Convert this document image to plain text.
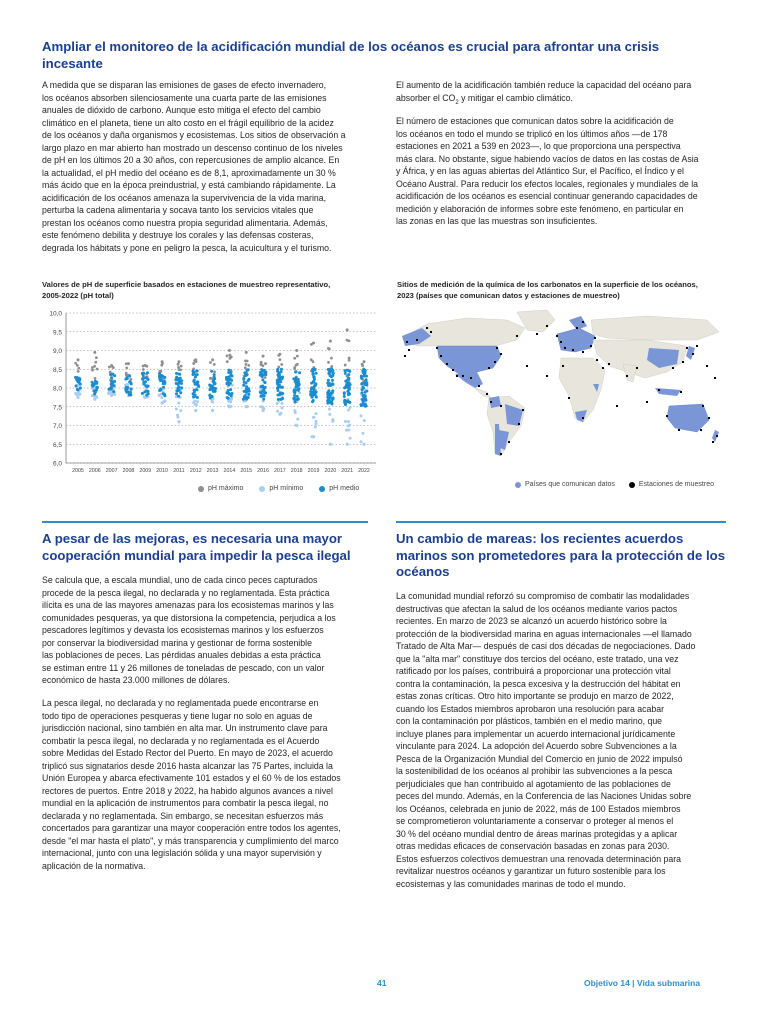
Ampliar el monitoreo de la acidificación mundial de los océanos es crucial para afrontar una crisis incesante

A medida que se disparan las emisiones de gases de efecto invernadero,
los océanos absorben silenciosamente una cuarta parte de las emisiones
anuales de dióxido de carbono. Aunque esto mitiga el efecto del cambio
climático en el planeta, tiene un alto costo en el frágil equilibrio de la acidez
de los océanos y daña organismos y ecosistemas. Los sitios de observación a
largo plazo en mar abierto han mostrado un descenso continuo de los niveles
de pH en los últimos 20 a 30 años, con repercusiones de amplio alcance. En
la actualidad, el pH medio del océano es de 8,1, aproximadamente un 30 %
más ácido que en la época preindustrial, y está cambiando rápidamente. La
acidificación de los océanos amenaza la supervivencia de la vida marina,
perturba la cadena alimentaria y socava tanto los servicios vitales que
prestan los océanos como nuestra propia seguridad alimentaria. Además,
este fenómeno debilita y destruye los corales y las defensas costeras,
degrada los hábitats y pone en peligro la pesca, la acuicultura y el turismo.

El aumento de la acidificación también reduce la capacidad del océano para
absorber el $CO_2$ y mitigar el cambio climático.

El número de estaciones que comunican datos sobre la acidificación de
los océanos en todo el mundo se triplicó en los últimos años —de 178
estaciones en 2021 a 539 en 2023—, lo que proporciona una perspectiva
más clara. No obstante, sigue habiendo vacíos de datos en las costas de Asia
y África, y en las aguas abiertas del Atlántico Sur, el Pacífico, el Índico y el
Océano Austral. Para reducir los efectos locales, regionales y mundiales de la
acidificación de los océanos es esencial continuar generando capacidades de
medición y elaboración de informes sobre este fenómeno, en particular en
las zonas en las que las muestras son insuficientes.

Valores de pH de superficie basados en estaciones de muestreo representativo,
2005-2022 (pH total)
10,0
9,5
9,0
8,5
8,0
7,5
7,0
6,5
6,0
2005 2006 2007 2008 2009 2010 2011 2012 2013 2014 2015 2016 2017 2018 2019 2020 2021 2022
pH máximo	pH mínimo	pH medio
Sitios de medición de la química de los carbonatos en la superficie de los océanos,
2023 (países que comunican datos y estaciones de muestreo)
Países que comunican datos	Estaciones de muestreo
A pesar de las mejoras, es necesaria una mayor cooperación mundial para impedir la pesca ilegal

Se calcula que, a escala mundial, uno de cada cinco peces capturados
procede de la pesca ilegal, no declarada y no reglamentada. Esta práctica
ilícita es una de las mayores amenazas para los ecosistemas marinos y las
comunidades pesqueras, ya que distorsiona la competencia, perjudica a los
pescadores legítimos y devasta los ecosistemas marinos y los esfuerzos
por conservar la biodiversidad marina y gestionar de forma sostenible
las poblaciones de peces. Las pérdidas anuales debidas a esta práctica
se estiman entre 11 y 26 millones de toneladas de pescado, con un valor
económico de hasta 23.000 millones de dólares.

La pesca ilegal, no declarada y no reglamentada puede encontrarse en
todo tipo de operaciones pesqueras y tiene lugar no solo en aguas de
jurisdicción nacional, sino también en alta mar. Un instrumento clave para
combatir la pesca ilegal, no declarada y no reglamentada es el Acuerdo
sobre Medidas del Estado Rector del Puerto. En mayo de 2023, el acuerdo
triplicó sus signatarios desde 2016 hasta alcanzar las 75 Partes, incluida la
Unión Europea y abarca efectivamente 101 estados y el 60 % de los estados
rectores de puertos. Entre 2018 y 2022, ha habido algunos avances a nivel
mundial en la aplicación de instrumentos para combatir la pesca ilegal, no
declarada y no reglamentada. Sin embargo, se necesitan esfuerzos más
concertados para garantizar una mayor cooperación entre todos los agentes,
desde "el mar hasta el plato", y más transparencia y cumplimiento del marco
internacional, junto con una legislación sólida y una mayor supervisión y
aplicación de la normativa.

Un cambio de mareas: los recientes acuerdos marinos son prometedores para la protección de los océanos

La comunidad mundial reforzó su compromiso de combatir las modalidades
destructivas que afectan la salud de los océanos mediante varios pactos
recientes. En marzo de 2023 se alcanzó un acuerdo histórico sobre la
protección de la biodiversidad marina en aguas internacionales —el llamado
Tratado de Alta Mar— después de casi dos décadas de negociaciones. Dado
que la "alta mar" constituye dos tercios del océano, este tratado, una vez
ratificado por los países, contribuirá a proporcionar una protección vital
contra la contaminación, la pesca excesiva y la destrucción del hábitat en
estas zonas críticas. Otro hito importante se produjo en marzo de 2022,
cuando los Estados miembros aprobaron una resolución para acabar
con la contaminación por plásticos, también en el medio marino, que
incluye planes para implementar un acuerdo internacional jurídicamente
vinculante para 2024. La adopción del Acuerdo sobre Subvenciones a la
Pesca de la Organización Mundial del Comercio en junio de 2022 impulsó
la sostenibilidad de los océanos al prohibir las subvenciones a la pesca
perjudiciales que han contribuido al agotamiento de las poblaciones de
peces del mundo. Además, en la Conferencia de las Naciones Unidas sobre
los Océanos, celebrada en junio de 2022, más de 100 Estados miembros
se comprometieron voluntariamente a conservar o proteger al menos el
30 % del océano mundial dentro de áreas marinas protegidas y a aplicar
otras medidas eficaces de conservación basadas en zonas para 2030.
Estos esfuerzos colectivos demuestran una renovada determinación para
revitalizar nuestros océanos y garantizar un futuro sostenible para los
ecosistemas y las comunidades marinas de todo el mundo.

41	Objetivo 14 | Vida submarina
